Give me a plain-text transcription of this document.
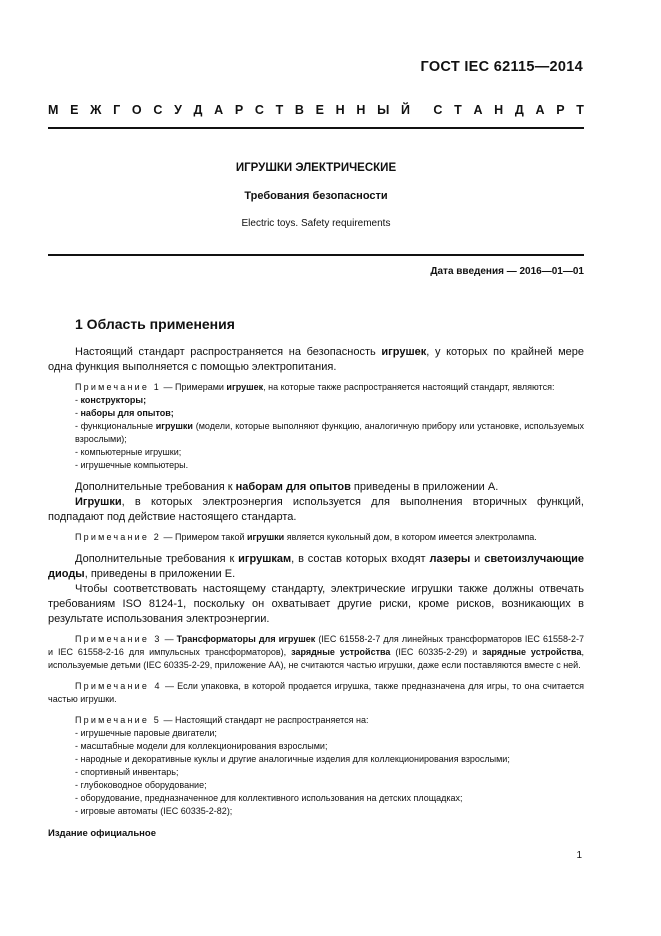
ГОСТ IEC 62115—2014
М Е Ж Г О С У Д А Р С Т В Е Н Н Ы Й С Т А Н Д А Р Т
ИГРУШКИ ЭЛЕКТРИЧЕСКИЕ
Требования безопасности
Electric toys. Safety requirements
Дата введения — 2016—01—01
1 Область применения

Настоящий стандарт распространяется на безопасность игрушек, у которых по крайней мере одна функция выполняется с помощью электропитания.

Примечание 1 — Примерами игрушек, на которые также распространяется настоящий стандарт, являются:

- конструкторы;

- наборы для опытов;

- функциональные игрушки (модели, которые выполняют функцию, аналогичную прибору или установке, используемых взрослыми);

- компьютерные игрушки;

- игрушечные компьютеры.

Дополнительные требования к наборам для опытов приведены в приложении А.

Игрушки, в которых электроэнергия используется для выполнения вторичных функций, подпадают под действие настоящего стандарта.

Примечание 2 — Примером такой игрушки является кукольный дом, в котором имеется электролампа.

Дополнительные требования к игрушкам, в состав которых входят лазеры и светоизлучающие диоды, приведены в приложении Е.

Чтобы соответствовать настоящему стандарту, электрические игрушки также должны отвечать требованиям ISO 8124-1, поскольку он охватывает другие риски, кроме рисков, возникающих в результате использования электроэнергии.

Примечание 3 — Трансформаторы для игрушек (IEC 61558-2-7 для линейных трансформаторов IEC 61558-2-7 и IEC 61558-2-16 для импульсных трансформаторов), зарядные устройства (IEC 60335-2-29) и зарядные устройства, используемые детьми (IEC 60335-2-29, приложение АА), не считаются частью игрушки, даже если поставляются вместе с ней.

Примечание 4 — Если упаковка, в которой продается игрушка, также предназначена для игры, то она считается частью игрушки.

Примечание 5 — Настоящий стандарт не распространяется на:

- игрушечные паровые двигатели;

- масштабные модели для коллекционирования взрослыми;

- народные и декоративные куклы и другие аналогичные изделия для коллекционирования взрослыми;

- спортивный инвентарь;

- глубоководное оборудование;

- оборудование, предназначенное для коллективного использования на детских площадках;

- игровые автоматы (IEC 60335-2-82);

Издание официальное
1
